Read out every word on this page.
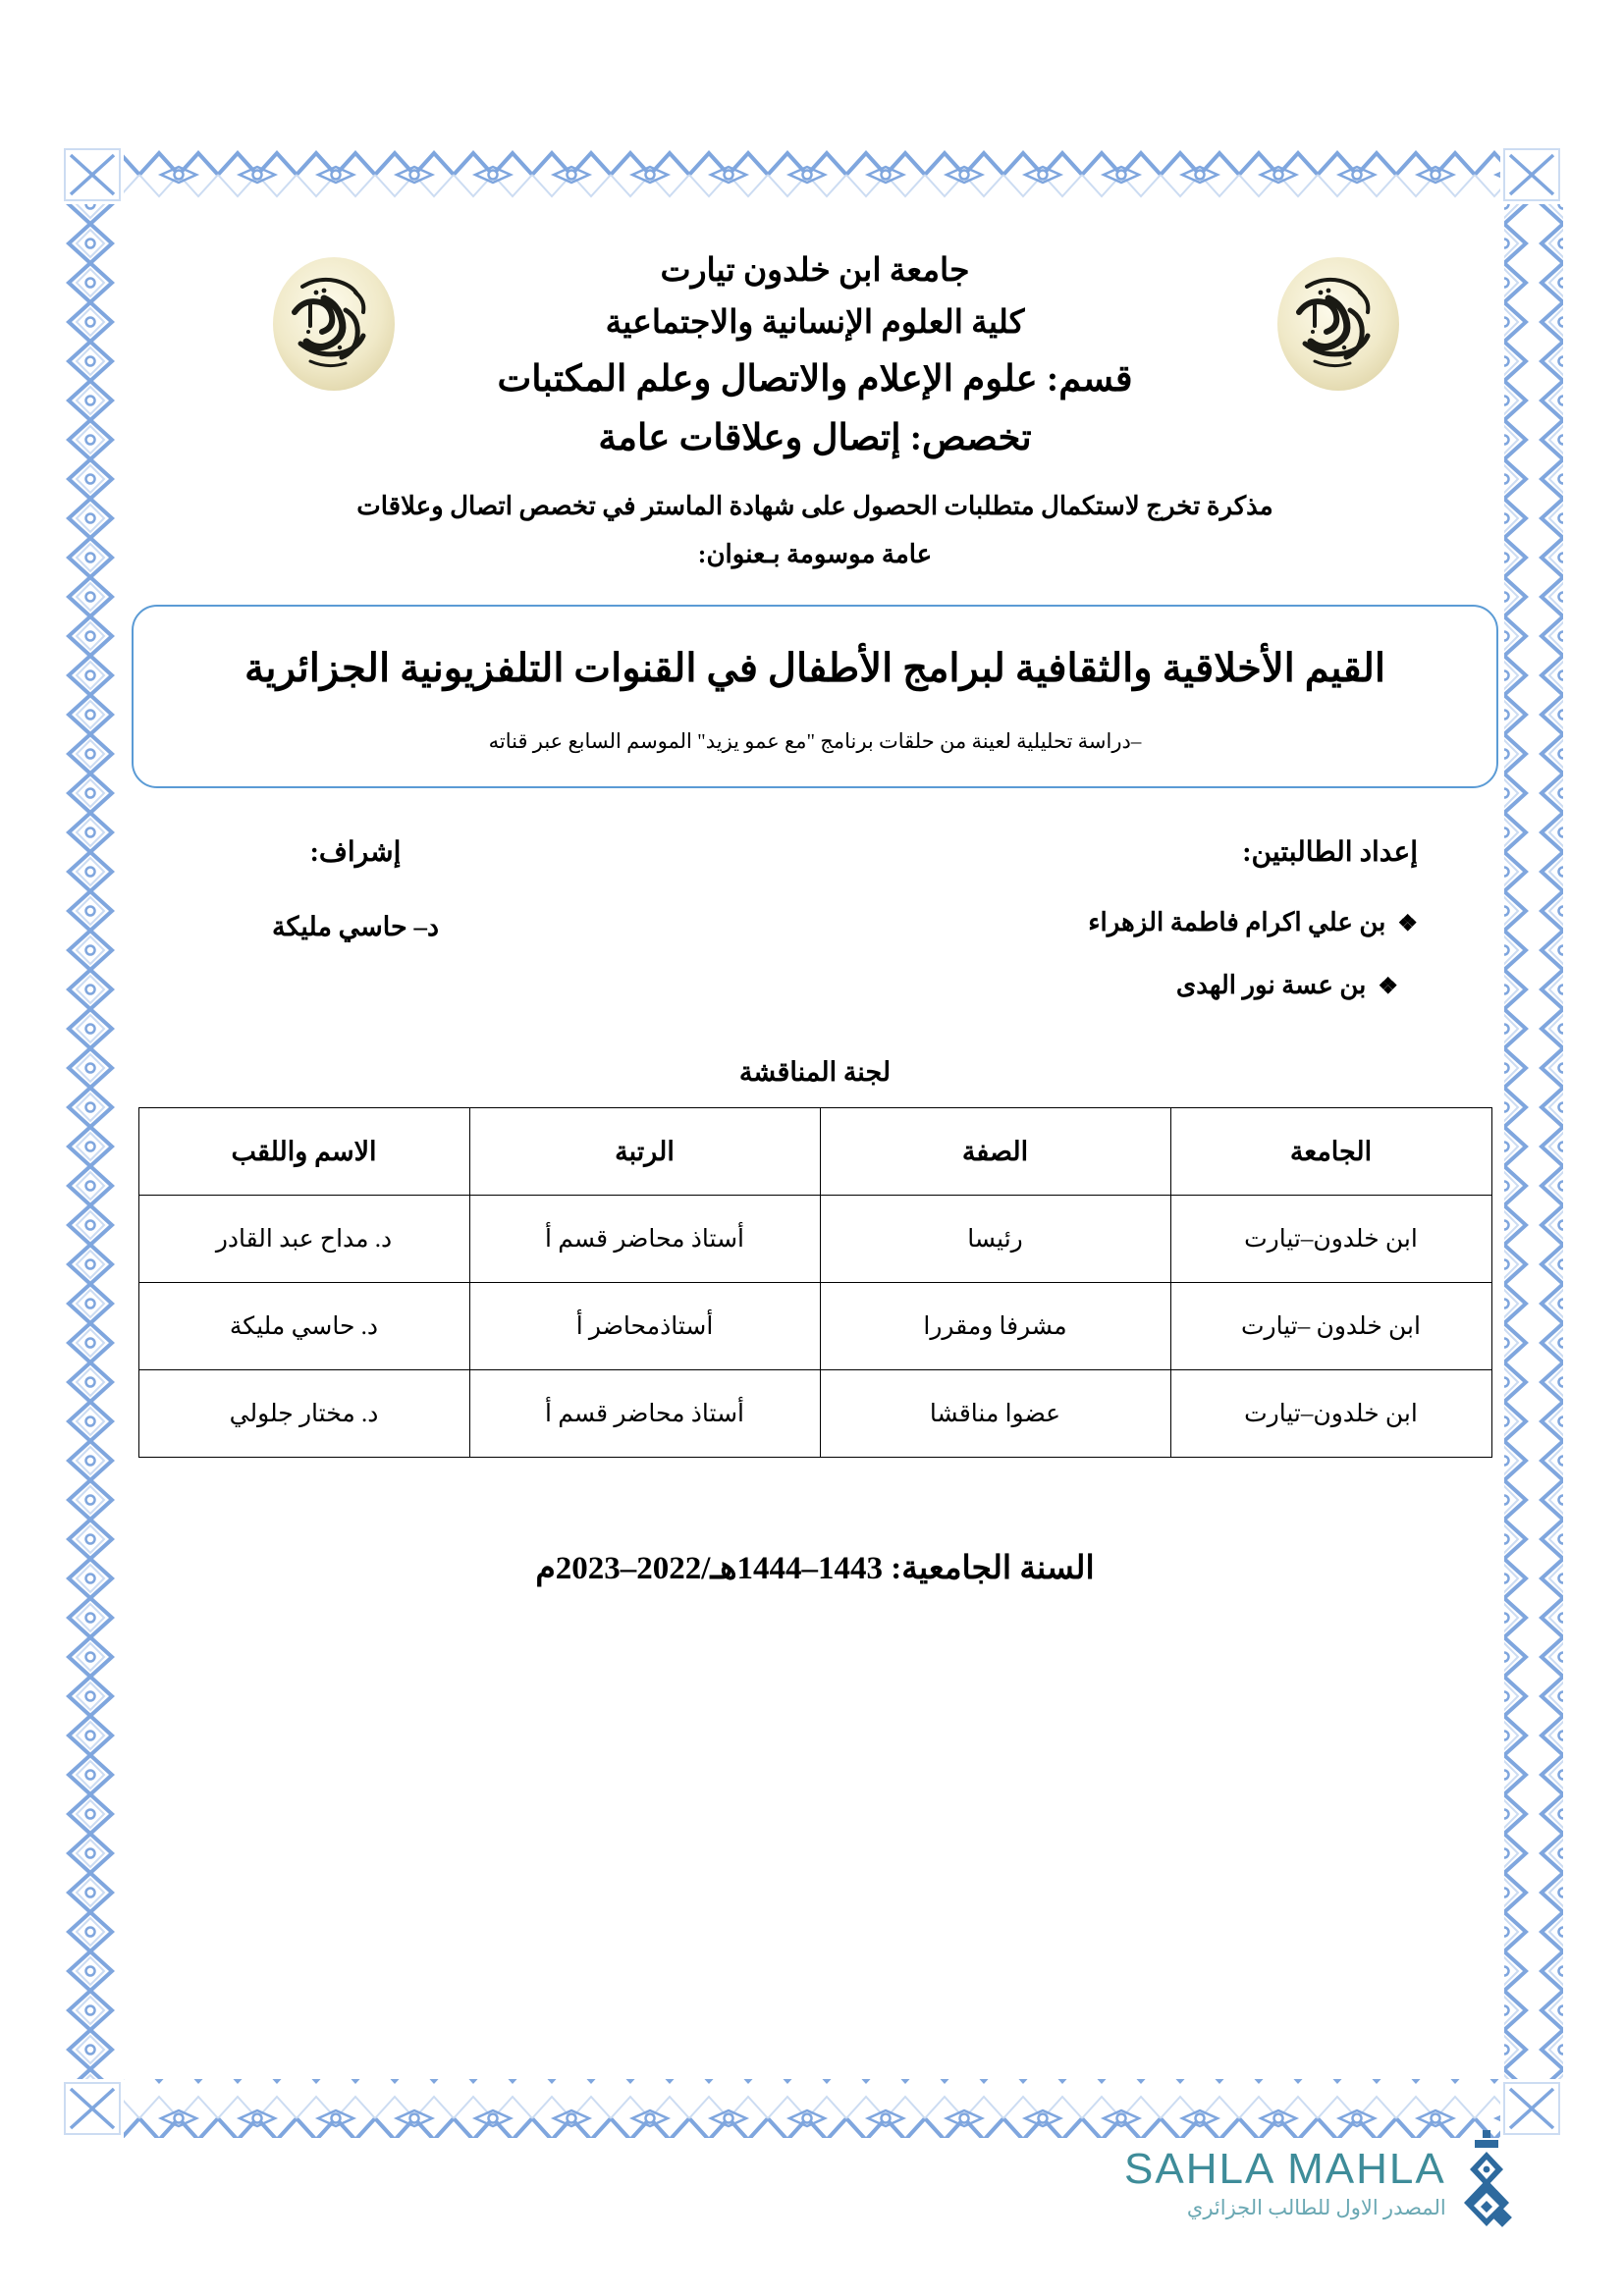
جامعة ابن خلدون تيارت
كلية العلوم الإنسانية والاجتماعية
قسم: علوم الإعلام والاتصال وعلم المكتبات
تخصص: إتصال وعلاقات عامة
مذكرة تخرج لاستكمال متطلبات الحصول على شهادة الماستر في تخصص اتصال وعلاقات
عامة موسومة بـعنوان:
القيم الأخلاقية والثقافية لبرامج الأطفال في القنوات التلفزيونية الجزائرية
–دراسة تحليلية لعينة من حلقات برنامج "مع عمو يزيد" الموسم السابع عبر قناته
إعداد الطالبتين:
❖
بن علي اكرام فاطمة الزهراء
❖
بن عسة نور الهدى
إشراف:
د– حاسي مليكة
لجنة المناقشة
الجامعة	الصفة	الرتبة	الاسم واللقب
ابن خلدون–تيارت	رئيسا	أستاذ محاضر قسم أ	د. مداح عبد القادر
ابن خلدون –تيارت	مشرفا ومقررا	أستاذمحاضر أ	د. حاسي مليكة
ابن خلدون–تيارت	عضوا مناقشا	أستاذ محاضر قسم أ	د. مختار جلولي
السنة الجامعية: 1443–1444هـ/2022–2023م
SAHLA MAHLA
المصدر الاول للطالب الجزائري
